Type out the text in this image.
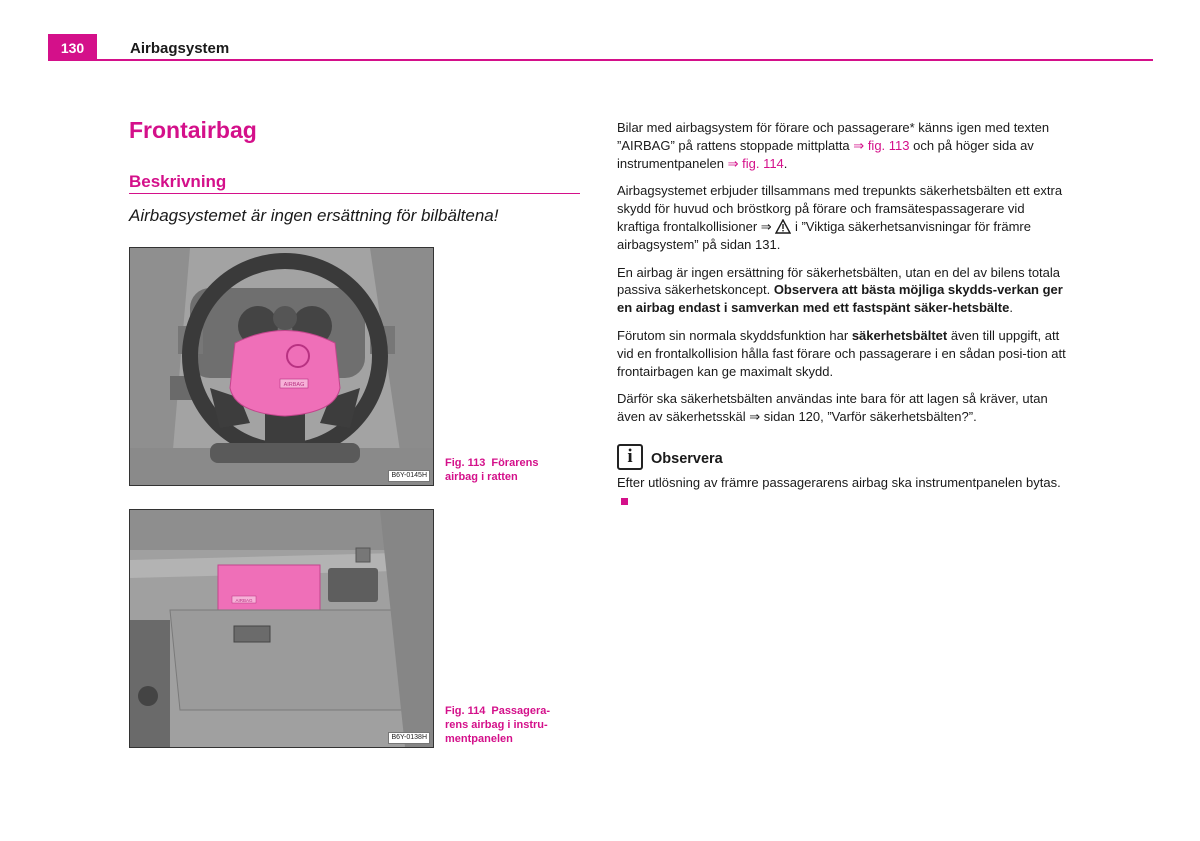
130	Airbagsystem
Frontairbag
Beskrivning
Airbagsystemet är ingen ersättning för bilbältena!
AIRBAG
B6Y-0145H
Fig. 113 Förarens airbag i ratten
AIRBAG
B6Y-0138H
Fig. 114 Passagera-rens airbag i instru-mentpanelen

Bilar med airbagsystem för förare och passagerare* känns igen med texten ”AIRBAG” på rattens stoppade mittplatta ⇒ fig. 113 och på höger sida av instrumentpanelen ⇒ fig. 114.

Airbagsystemet erbjuder tillsammans med trepunkts säkerhetsbälten ett extra skydd för huvud och bröstkorg på förare och framsätespassagerare vid kraftiga frontalkollisioner ⇒  i ”Viktiga säkerhetsanvisningar för främre airbagsystem” på sidan 131.

En airbag är ingen ersättning för säkerhetsbälten, utan en del av bilens totala passiva säkerhetskoncept. Observera att bästa möjliga skydds-verkan ger en airbag endast i samverkan med ett fastspänt säker-hetsbälte.

Förutom sin normala skyddsfunktion har säkerhetsbältet även till uppgift, att vid en frontalkollision hålla fast förare och passagerare i en sådan posi-tion att frontairbagen kan ge maximalt skydd.

Därför ska säkerhetsbälten användas inte bara för att lagen så kräver, utan även av säkerhetsskäl ⇒ sidan 120, ”Varför säkerhetsbälten?”.

i Observera

Efter utlösning av främre passagerarens airbag ska instrumentpanelen bytas.
